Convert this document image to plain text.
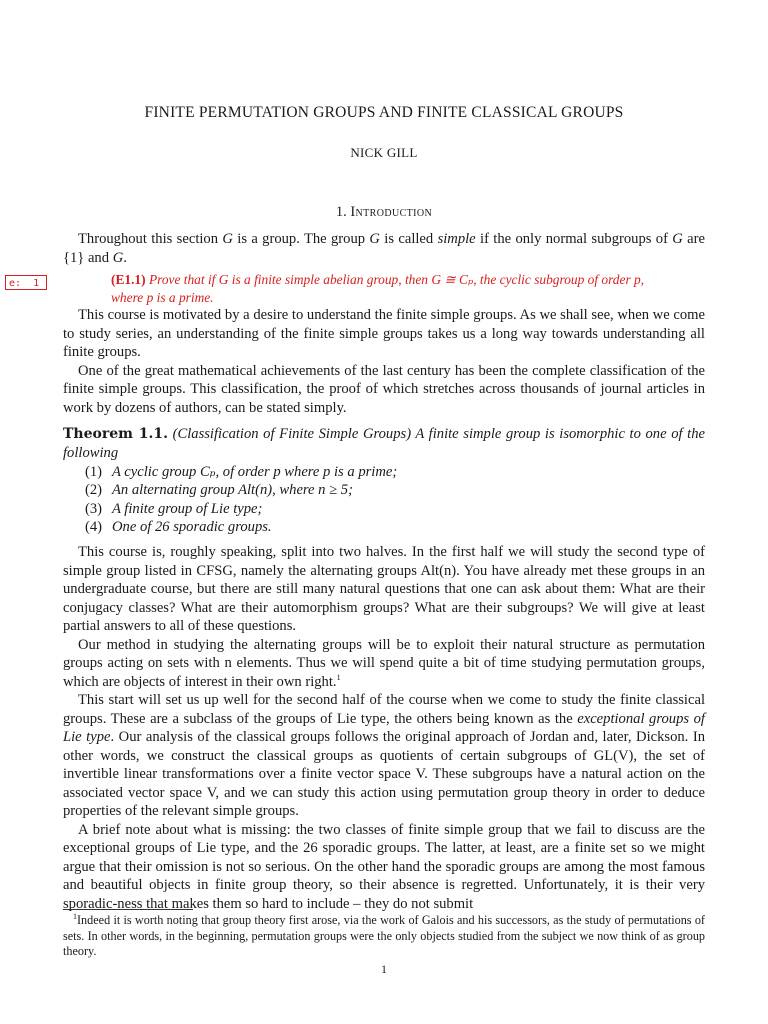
FINITE PERMUTATION GROUPS AND FINITE CLASSICAL GROUPS
NICK GILL
1. Introduction

Throughout this section G is a group. The group G is called simple if the only normal subgroups of G are {1} and G.

e:  1	(E1.1) Prove that if G is a finite simple abelian group, then G ≅ Cₚ, the cyclic subgroup of order p, where p is a prime.

This course is motivated by a desire to understand the finite simple groups. As we shall see, when we come to study series, an understanding of the finite simple groups takes us a long way towards understanding all finite groups.

One of the great mathematical achievements of the last century has been the complete classification of the finite simple groups. This classification, the proof of which stretches across thousands of journal articles in work by dozens of authors, can be stated simply.

Theorem 1.1. (Classification of Finite Simple Groups) A finite simple group is isomorphic to one of the following
(1) A cyclic group Cₚ, of order p where p is a prime;
(2) An alternating group Alt(n), where n ≥ 5;
(3) A finite group of Lie type;
(4) One of 26 sporadic groups.

This course is, roughly speaking, split into two halves. In the first half we will study the second type of simple group listed in CFSG, namely the alternating groups Alt(n). You have already met these groups in an undergraduate course, but there are still many natural questions that one can ask about them: What are their conjugacy classes? What are their automorphism groups? What are their subgroups? We will give at least partial answers to all of these questions.

Our method in studying the alternating groups will be to exploit their natural structure as permutation groups acting on sets with n elements. Thus we will spend quite a bit of time studying permutation groups, which are objects of interest in their own right.$^1$

This start will set us up well for the second half of the course when we come to study the finite classical groups. These are a subclass of the groups of Lie type, the others being known as the exceptional groups of Lie type. Our analysis of the classical groups follows the original approach of Jordan and, later, Dickson. In other words, we construct the classical groups as quotients of certain subgroups of GL(V), the set of invertible linear transformations over a finite vector space V. These subgroups have a natural action on the associated vector space V, and we can study this action using permutation group theory in order to deduce properties of the relevant simple groups.

A brief note about what is missing: the two classes of finite simple group that we fail to discuss are the exceptional groups of Lie type, and the 26 sporadic groups. The latter, at least, are a finite set so we might argue that their omission is not so serious. On the other hand the sporadic groups are among the most famous and beautiful objects in finite group theory, so their absence is regretted. Unfortunately, it is their very sporadic-ness that makes them so hard to include – they do not submit

$^1$Indeed it is worth noting that group theory first arose, via the work of Galois and his successors, as the study of permutations of sets. In other words, in the beginning, permutation groups were the only objects studied from the subject we now think of as group theory.
1
